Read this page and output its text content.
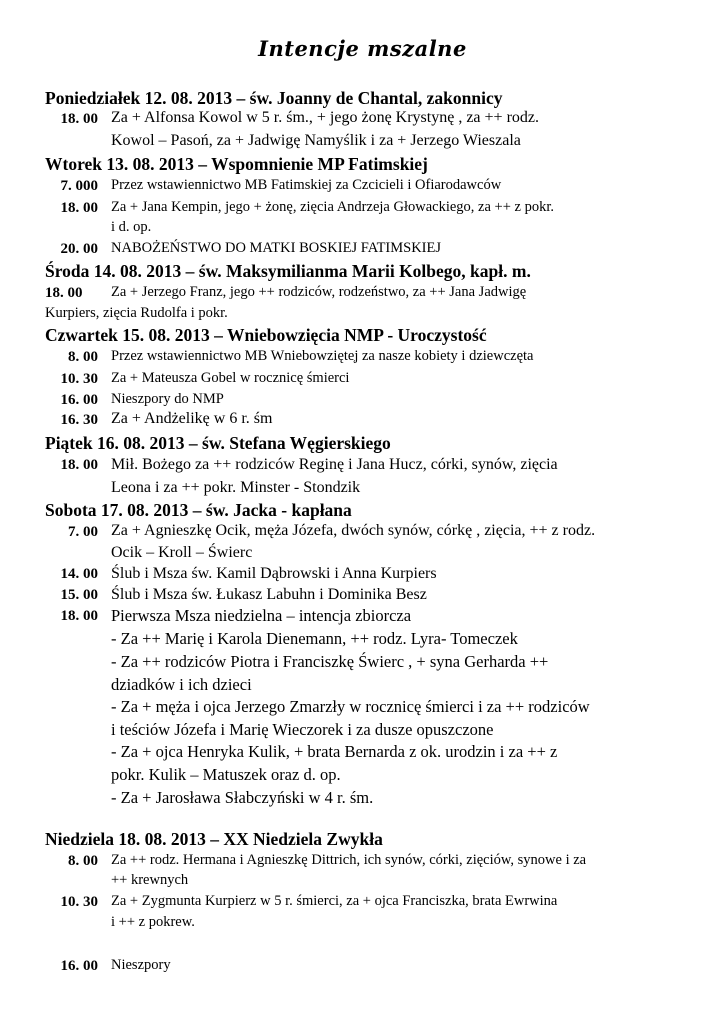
Intencje mszalne
Poniedziałek 12. 08. 2013 – św. Joanny de Chantal, zakonnicy
18. 00 Za + Alfonsa Kowol w 5 r. śm., + jego żonę Krystynę , za ++ rodz.
Kowol – Pasoń, za + Jadwigę Namyślik i za + Jerzego Wieszala
Wtorek 13. 08. 2013 – Wspomnienie MP Fatimskiej
7. 000 Przez wstawiennictwo MB Fatimskiej za Czcicieli i Ofiarodawców
18. 00 Za + Jana Kempin, jego + żonę, zięcia Andrzeja Głowackiego, za ++ z pokr.
i d. op.
20. 00 NABOŻEŃSTWO DO MATKI BOSKIEJ FATIMSKIEJ
Środa 14. 08. 2013 – św. Maksymilianma Marii Kolbego, kapł. m.
18. 00 Za + Jerzego Franz, jego ++ rodziców, rodzeństwo, za ++ Jana Jadwigę
Kurpiers, zięcia Rudolfa i pokr.
Czwartek 15. 08. 2013 – Wniebowzięcia NMP - Uroczystość
8. 00 Przez wstawiennictwo MB Wniebowzięte̜j za nasze kobiety i dziewczęta
10. 30 Za + Mateusza Gobel w rocznicę śmierci
16. 00 Nieszpory do NMP
16. 30 Za + Andżelikę w 6 r. śm
Piątek 16. 08. 2013 – św. Stefana Węgierskiego
18. 00 Mił. Bożego za ++ rodziców Reginę i Jana Hucz, córki, synów, zięcia
Leona i za ++ pokr. Minster - Stondzik
Sobota 17. 08. 2013 – św. Jacka - kapłana
7. 00 Za + Agnieszkę Ocik, męża Józefa, dwóch synów, córkę , zięcia, ++ z rodz.
Ocik – Kroll – Świerc
14. 00 Ślub i Msza św. Kamil Dąbrowski i Anna Kurpiers
15. 00 Ślub i Msza św. Łukasz Labuhn i Dominika Besz
18. 00 Pierwsza Msza niedzielna – intencja zbiorcza
- Za ++ Marię i Karola Dienemann, ++ rodz. Lyra- Tomeczek
- Za ++ rodziców Piotra i Franciszkę Świerc , + syna Gerharda ++
dziadków i ich dzieci
- Za + męża i ojca Jerzego Zmarzły w rocznicę śmierci i za ++ rodziców
i teściów Józefa i Marię Wieczorek i za dusze opuszczone
- Za + ojca Henryka Kulik, + brata Bernarda z ok. urodzin i za ++ z
pokr. Kulik – Matuszek oraz d. op.
- Za + Jarosława Słabczyński w 4 r. śm.
Niedziela 18. 08. 2013 – XX Niedziela Zwykła
8. 00 Za ++ rodz. Hermana i Agnieszkę Dittrich, ich synów, córki, zięciów, synowe i za
++ krewnych
10. 30 Za + Zygmunta Kurpierz w 5 r. śmierci, za + ojca Franciszka, brata Ewrwina
i ++ z pokrew.
16. 00 Nieszpory
